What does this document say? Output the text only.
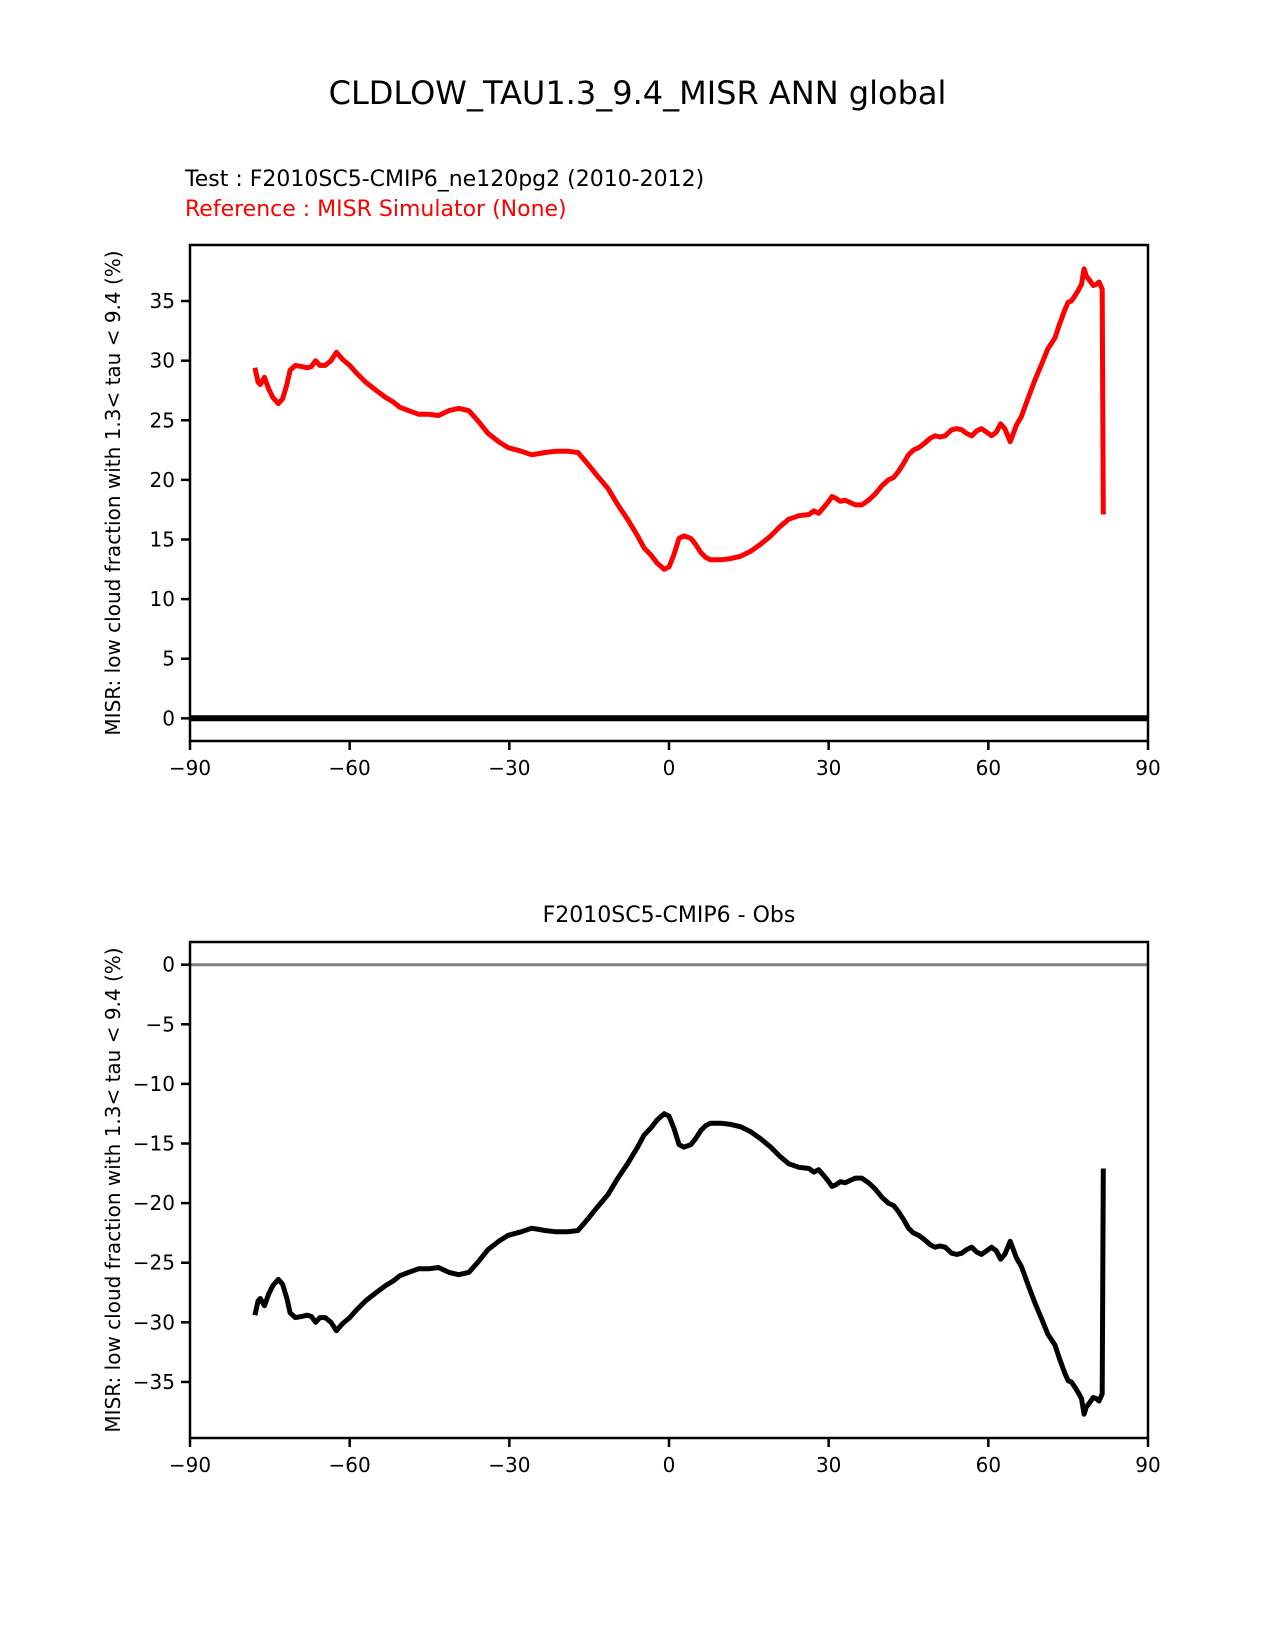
CLDLOW_TAU1.3_9.4_MISR ANN global
Test : F2010SC5-CMIP6_ne120pg2 (2010-2012)
Reference : MISR Simulator (None)
F2010SC5-CMIP6 - Obs
−90	−60	−30	0	30	60	90
0
5
10
15
20
25
30
35
MISR: low cloud fraction with 1.3< tau < 9.4 (%)
−90	−60	−30	0	30	60	90
0
−5
−10
−15
−20
−25
−30
−35
MISR: low cloud fraction with 1.3< tau < 9.4 (%)
